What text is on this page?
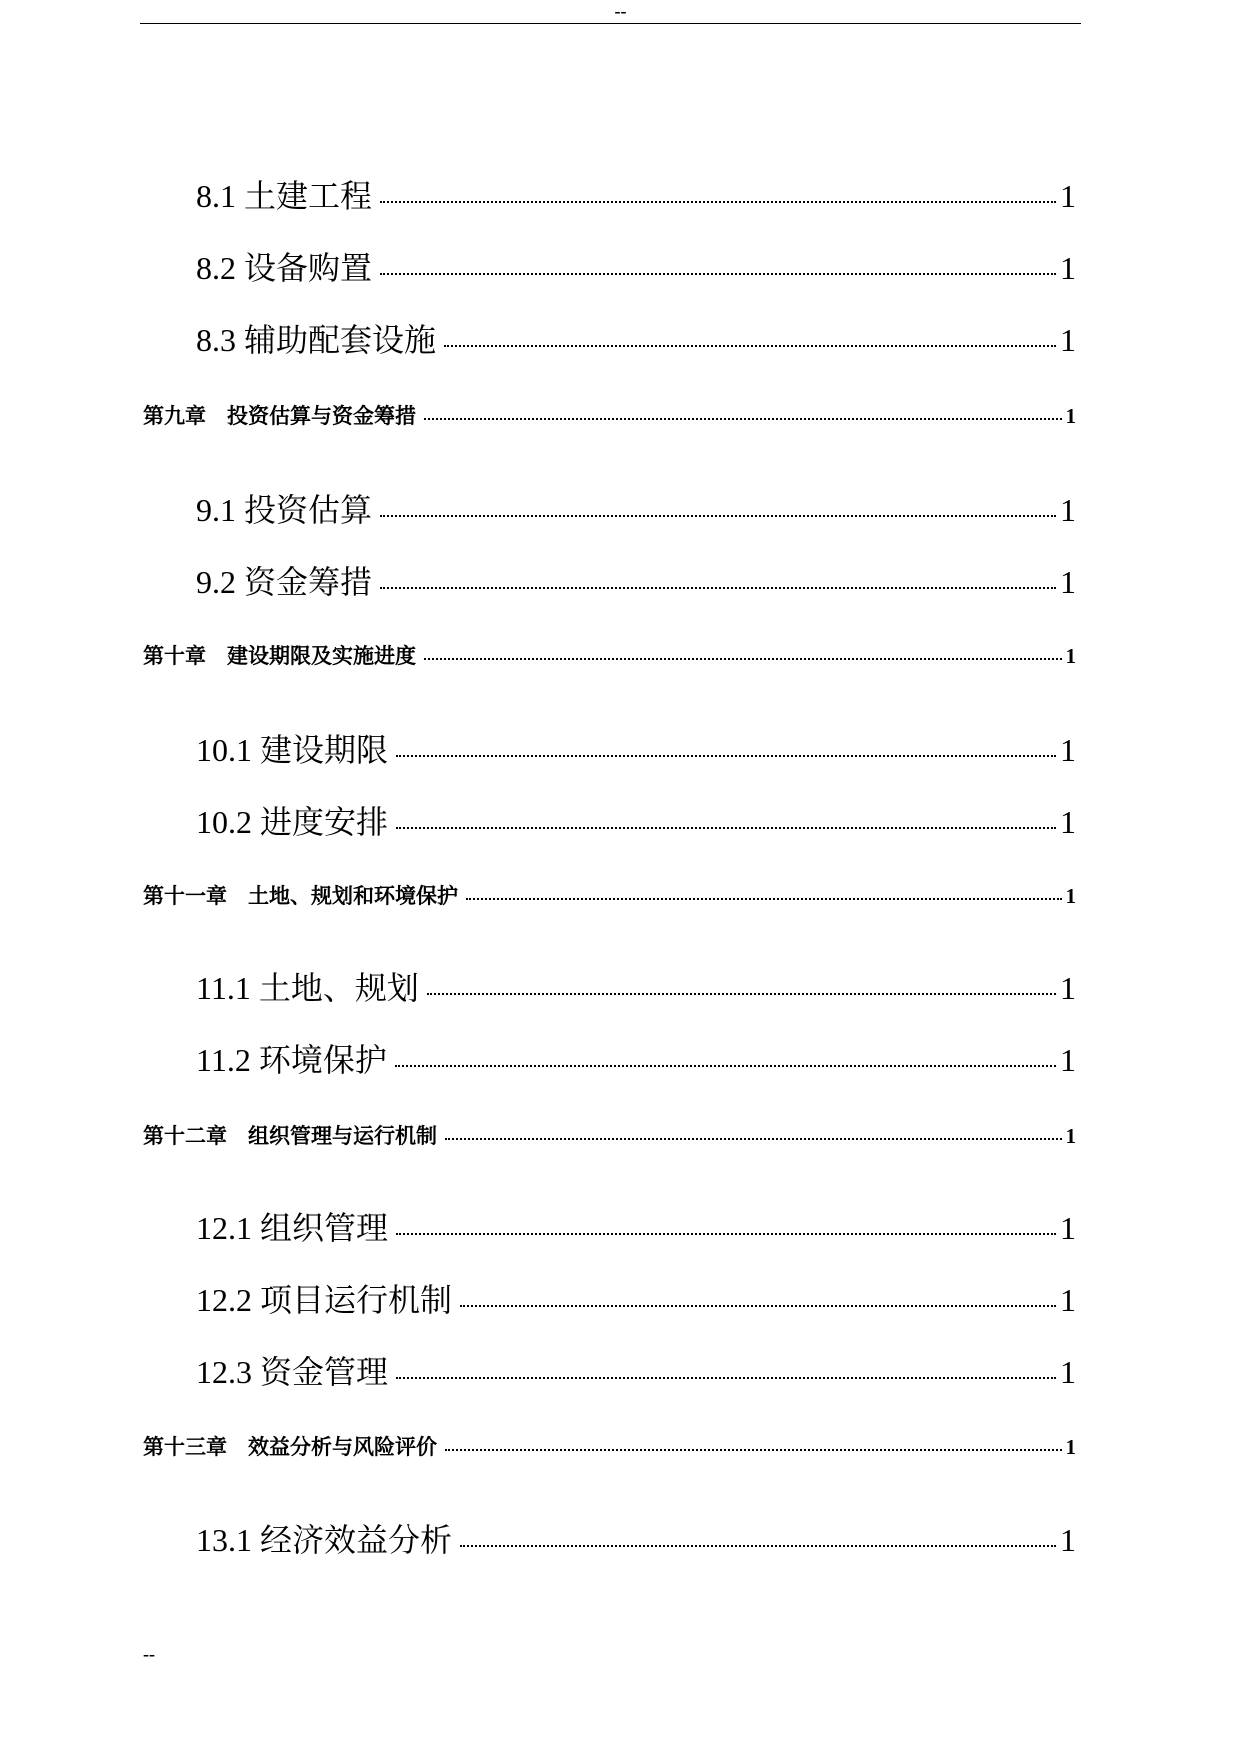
--
8.1 土建工程	1
8.2 设备购置	1
8.3 辅助配套设施	1
第九章　投资估算与资金筹措	1
9.1 投资估算	1
9.2 资金筹措	1
第十章　建设期限及实施进度	1
10.1 建设期限	1
10.2 进度安排	1
第十一章　土地、规划和环境保护	1
11.1 土地、规划	1
11.2 环境保护	1
第十二章　组织管理与运行机制	1
12.1 组织管理	1
12.2 项目运行机制	1
12.3 资金管理	1
第十三章　效益分析与风险评价	1
13.1 经济效益分析	1
--
